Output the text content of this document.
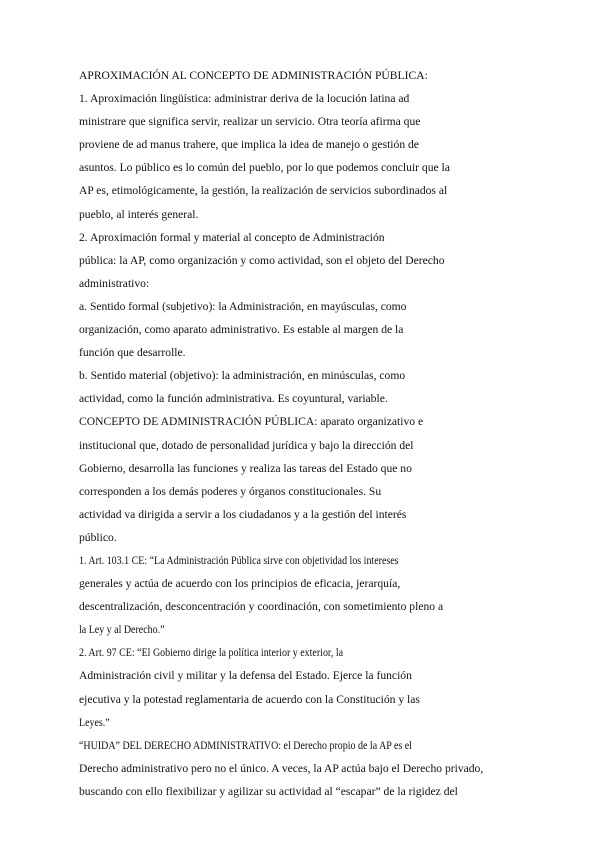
APROXIMACIÓN AL CONCEPTO DE ADMINISTRACIÓN PÚBLICA:
1. Aproximación lingüística: administrar deriva de la locución latina ad
ministrare que significa servir, realizar un servicio. Otra teoría afirma que
proviene de ad manus trahere, que implica la idea de manejo o gestión de
asuntos. Lo público es lo común del pueblo, por lo que podemos concluir que la
AP es, etimológicamente, la gestión, la realización de servicios subordinados al
pueblo, al interés general.
2. Aproximación formal y material al concepto de Administración
pública: la AP, como organización y como actividad, son el objeto del Derecho
administrativo:
a. Sentido formal (subjetivo): la Administración, en mayúsculas, como
organización, como aparato administrativo. Es estable al margen de la
función que desarrolle.
b. Sentido material (objetivo): la administración, en minúsculas, como
actividad, como la función administrativa. Es coyuntural, variable.
CONCEPTO DE ADMINISTRACIÓN PÚBLICA: aparato organizativo e
institucional que, dotado de personalidad jurídica y bajo la dirección del
Gobierno, desarrolla las funciones y realiza las tareas del Estado que no
corresponden a los demás poderes y órganos constitucionales. Su
actividad va dirigida a servir a los ciudadanos y a la gestión del interés
público.
1. Art. 103.1 CE: “La Administración Pública sirve con objetividad los intereses
generales y actúa de acuerdo con los principios de eficacia, jerarquía,
descentralización, desconcentración y coordinación, con sometimiento pleno a
la Ley y al Derecho.”
2. Art. 97 CE: “El Gobierno dirige la política interior y exterior, la
Administración civil y militar y la defensa del Estado. Ejerce la función
ejecutiva y la potestad reglamentaria de acuerdo con la Constitución y las
Leyes.”
“HUIDA” DEL DERECHO ADMINISTRATIVO: el Derecho propio de la AP es el
Derecho administrativo pero no el único. A veces, la AP actúa bajo el Derecho privado,
buscando con ello flexibilizar y agilizar su actividad al “escapar” de la rigidez del
